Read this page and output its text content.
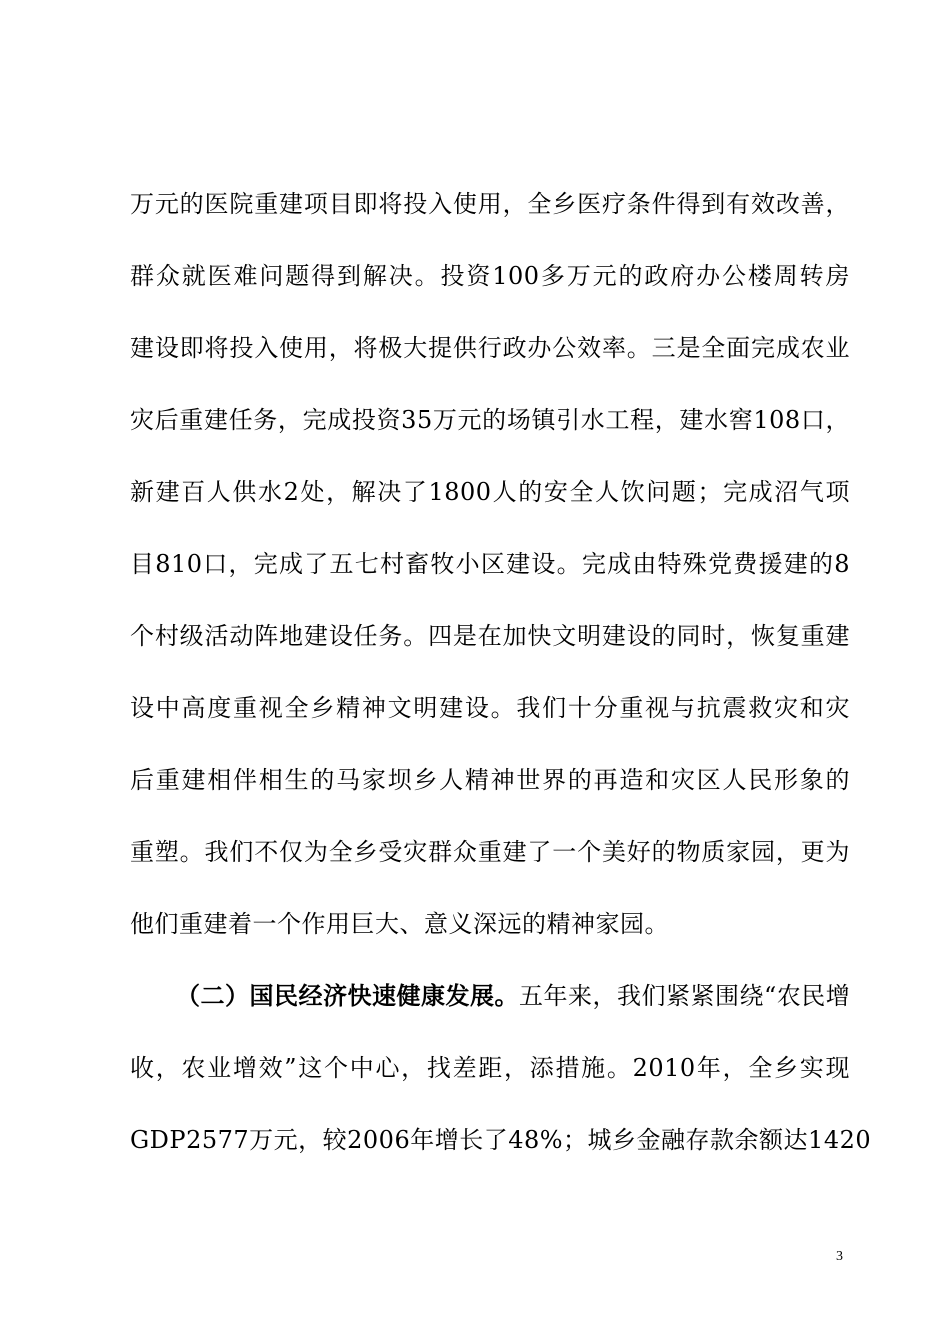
万元的医院重建项目即将投入使用，全乡医疗条件得到有效改善，
群众就医难问题得到解决。投资100多万元的政府办公楼周转房
建设即将投入使用，将极大提供行政办公效率。三是全面完成农业
灾后重建任务，完成投资35万元的场镇引水工程，建水窖108口，
新建百人供水2处，解决了1800人的安全人饮问题；完成沼气项
目810口，完成了五七村畜牧小区建设。完成由特殊党费援建的8
个村级活动阵地建设任务。四是在加快文明建设的同时，恢复重建
设中高度重视全乡精神文明建设。我们十分重视与抗震救灾和灾
后重建相伴相生的马家坝乡人精神世界的再造和灾区人民形象的
重塑。我们不仅为全乡受灾群众重建了一个美好的物质家园，更为
他们重建着一个作用巨大、意义深远的精神家园。
（二）国民经济快速健康发展。五年来，我们紧紧围绕“农民增
收，农业增效”这个中心，找差距，添措施。2010年，全乡实现
GDP2577万元，较2006年增长了48%；城乡金融存款余额达1420
3
